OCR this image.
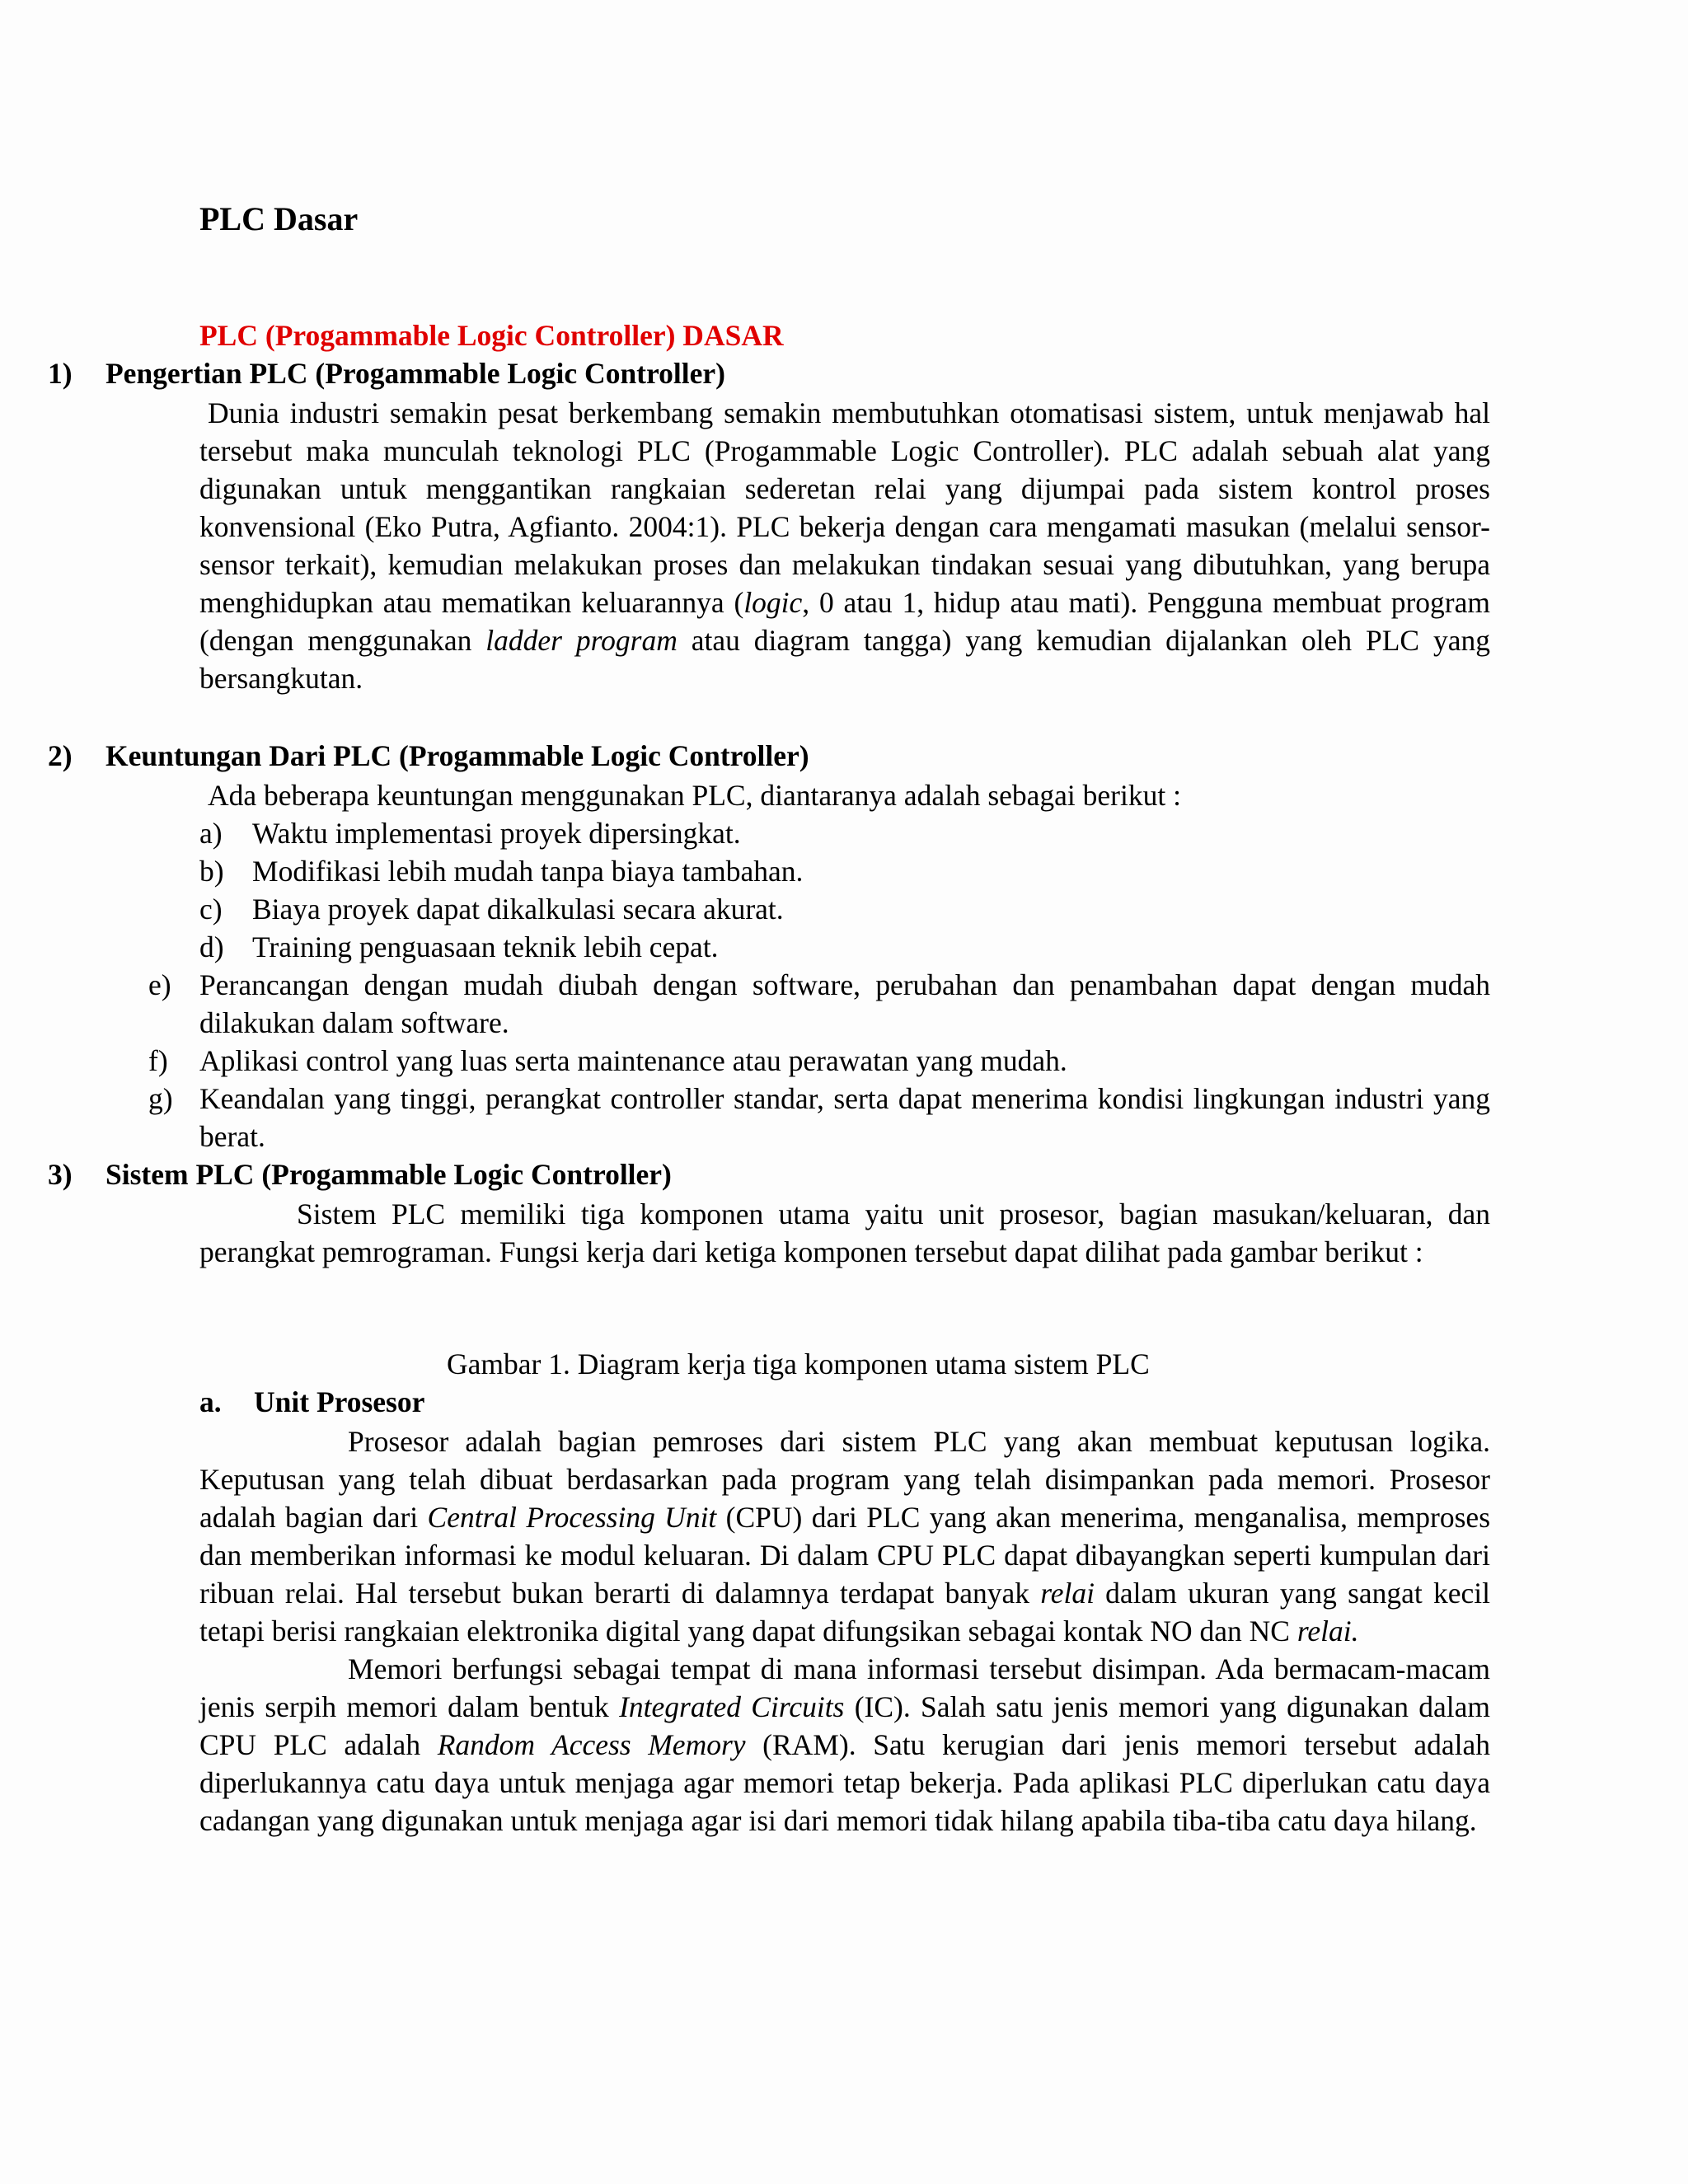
PLC Dasar
PLC (Progammable Logic Controller) DASAR
1) Pengertian PLC (Progammable Logic Controller)

Dunia industri semakin pesat berkembang semakin membutuhkan otomatisasi sistem, untuk menjawab hal tersebut maka munculah teknologi PLC (Progammable Logic Controller). PLC adalah sebuah alat yang digunakan untuk menggantikan rangkaian sederetan relai yang dijumpai pada sistem kontrol proses konvensional (Eko Putra, Agfianto. 2004:1). PLC bekerja dengan cara mengamati masukan (melalui sensor-sensor terkait), kemudian melakukan proses dan melakukan tindakan sesuai yang dibutuhkan, yang berupa menghidupkan atau mematikan keluarannya (logic, 0 atau 1, hidup atau mati). Pengguna membuat program (dengan menggunakan ladder program atau diagram tangga) yang kemudian dijalankan oleh PLC yang bersangkutan.

2) Keuntungan Dari PLC (Progammable Logic Controller)

Ada beberapa keuntungan menggunakan PLC, diantaranya adalah sebagai berikut :

a) Waktu implementasi proyek dipersingkat.
b) Modifikasi lebih mudah tanpa biaya tambahan.
c) Biaya proyek dapat dikalkulasi secara akurat.
d) Training penguasaan teknik lebih cepat.
e) Perancangan dengan mudah diubah dengan software, perubahan dan penambahan dapat dengan mudah dilakukan dalam software.
f)	Aplikasi control yang luas serta maintenance atau perawatan yang mudah.
g) Keandalan yang tinggi, perangkat controller standar, serta dapat menerima kondisi lingkungan industri yang berat.
3) Sistem PLC (Progammable Logic Controller)

Sistem PLC memiliki tiga komponen utama yaitu unit prosesor, bagian masukan/keluaran, dan perangkat pemrograman. Fungsi kerja dari ketiga komponen tersebut dapat dilihat pada gambar berikut :

Gambar 1. Diagram kerja tiga komponen utama sistem PLC
a. Unit Prosesor

Prosesor adalah bagian pemroses dari sistem PLC yang akan membuat keputusan logika. Keputusan yang telah dibuat berdasarkan pada program yang telah disimpankan pada memori. Prosesor adalah bagian dari Central Processing Unit (CPU) dari PLC yang akan menerima, menganalisa, memproses dan memberikan informasi ke modul keluaran. Di dalam CPU PLC dapat dibayangkan seperti kumpulan dari ribuan relai. Hal tersebut bukan berarti di dalamnya terdapat banyak relai dalam ukuran yang sangat kecil tetapi berisi rangkaian elektronika digital yang dapat difungsikan sebagai kontak NO dan NC relai.

Memori berfungsi sebagai tempat di mana informasi tersebut disimpan. Ada bermacam-macam jenis serpih memori dalam bentuk Integrated Circuits (IC). Salah satu jenis memori yang digunakan dalam CPU PLC adalah Random Access Memory (RAM). Satu kerugian dari jenis memori tersebut adalah diperlukannya catu daya untuk menjaga agar memori tetap bekerja. Pada aplikasi PLC diperlukan catu daya cadangan yang digunakan untuk menjaga agar isi dari memori tidak hilang apabila tiba-tiba catu daya hilang.
